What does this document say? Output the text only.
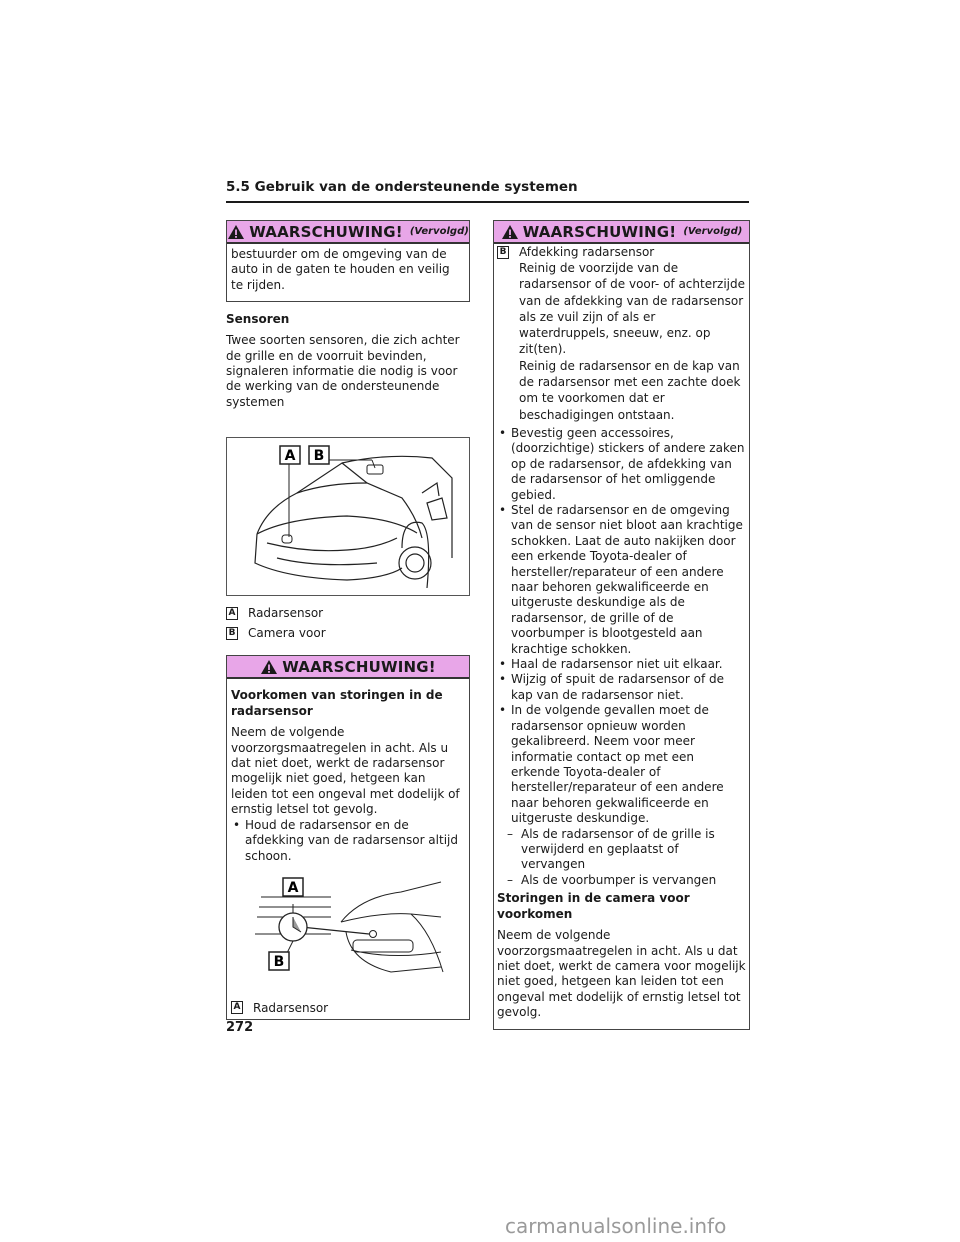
5.5 Gebruik van de ondersteunende systemen
WAARSCHUWING! (Vervolgd)

bestuurder om de omgeving van de auto in de gaten te houden en veilig te rijden.

Sensoren

Twee soorten sensoren, die zich achter de grille en de voorruit bevinden, signaleren informatie die nodig is voor de werking van de ondersteunende systemen

A B
A Radarsensor
B Camera voor
WAARSCHUWING!

Voorkomen van storingen in de radarsensor

Neem de volgende voorzorgsmaatregelen in acht. Als u dat niet doet, werkt de radarsensor mogelijk niet goed, hetgeen kan leiden tot een ongeval met dodelijk of ernstig letsel tot gevolg.

• Houd de radarsensor en de afdekking van de radarsensor altijd schoon.
A
B
A Radarsensor
WAARSCHUWING! (Vervolgd)
B Afdekking radarsensor

Reinig de voorzijde van de radarsensor of de voor- of achterzijde van de afdekking van de radarsensor als ze vuil zijn of als er waterdruppels, sneeuw, enz. op zit(ten).

Reinig de radarsensor en de kap van de radarsensor met een zachte doek om te voorkomen dat er beschadigingen ontstaan.

• Bevestig geen accessoires, (doorzichtige) stickers of andere zaken op de radarsensor, de afdekking van de radarsensor of het omliggende gebied.
• Stel de radarsensor en de omgeving van de sensor niet bloot aan krachtige schokken. Laat de auto nakijken door een erkende Toyota-dealer of hersteller/reparateur of een andere naar behoren gekwalificeerde en uitgeruste deskundige als de radarsensor, de grille of de voorbumper is blootgesteld aan krachtige schokken.
• Haal de radarsensor niet uit elkaar.
• Wijzig of spuit de radarsensor of de kap van de radarsensor niet.
• In de volgende gevallen moet de radarsensor opnieuw worden gekalibreerd. Neem voor meer informatie contact op met een erkende Toyota-dealer of hersteller/reparateur of een andere naar behoren gekwalificeerde en uitgeruste deskundige.
– Als de radarsensor of de grille is verwijderd en geplaatst of vervangen
– Als de voorbumper is vervangen

Storingen in de camera voor voorkomen

Neem de volgende voorzorgsmaatregelen in acht. Als u dat niet doet, werkt de camera voor mogelijk niet goed, hetgeen kan leiden tot een ongeval met dodelijk of ernstig letsel tot gevolg.

272
carmanualsonline.info
